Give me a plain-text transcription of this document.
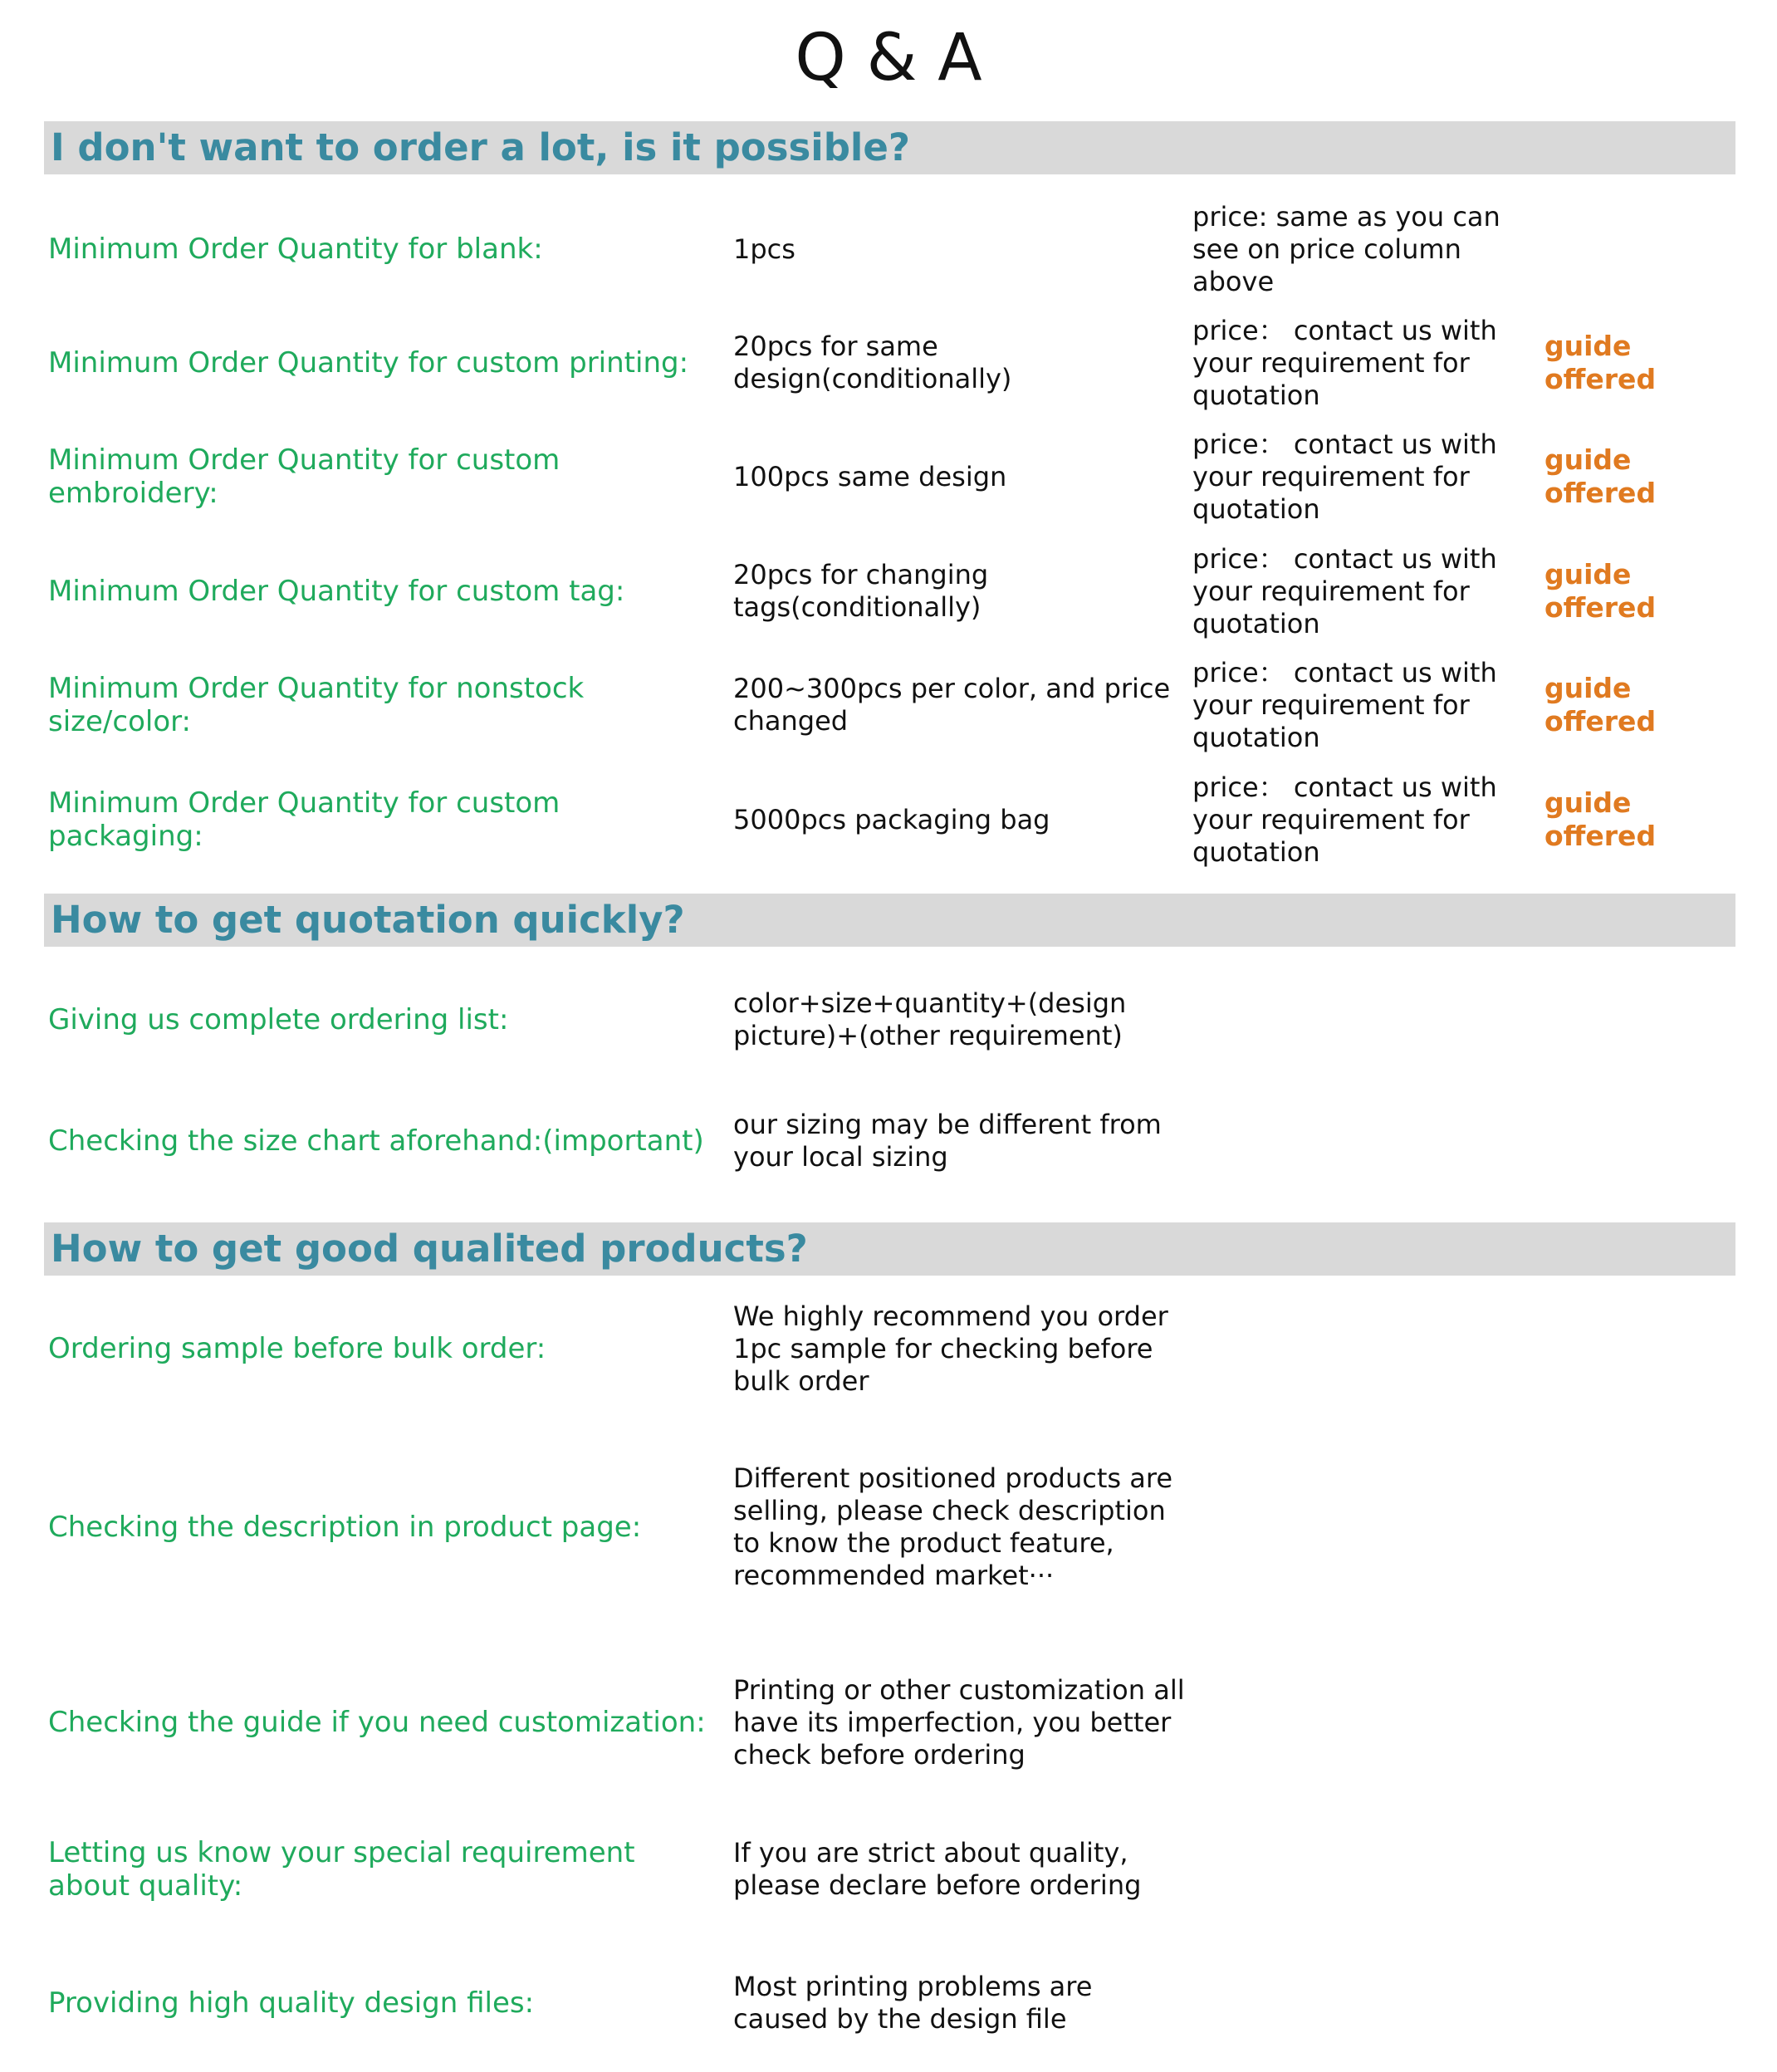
Q & A
I don't want to order a lot, is it possible?
Minimum Order Quantity for blank:	1pcs
price: same as you can see on price column above
Minimum Order Quantity for custom printing: 20pcs for same design(conditionally)
price： contact us with your requirement for quotation
guide offered
Minimum Order Quantity for custom embroidery:
100pcs same design
price： contact us with your requirement for quotation
guide offered
Minimum Order Quantity for custom tag:	20pcs for changing tags(conditionally)
price： contact us with your requirement for quotation
guide offered
Minimum Order Quantity for nonstock size/color:
200~300pcs per color, and price changed
price： contact us with your requirement for quotation
guide offered
Minimum Order Quantity for custom packaging:
5000pcs packaging bag
price： contact us with your requirement for quotation
guide offered
How to get quotation quickly?
Giving us complete ordering list:	color+size+quantity+(design picture)+(other requirement)
Checking the size chart aforehand:(important) our sizing may be different from your local sizing
How to get good qualited products?
Ordering sample before bulk order:
We highly recommend you order 1pc sample for checking before bulk order
Checking the description in product page:
Different positioned products are selling, please check description to know the product feature, recommended market···
Checking the guide if you need customization:
Printing or other customization all have its imperfection, you better check before ordering
Letting us know your special requirement about quality:
If you are strict about quality, please declare before ordering
Providing high quality design files:	Most printing problems are caused by the design file
